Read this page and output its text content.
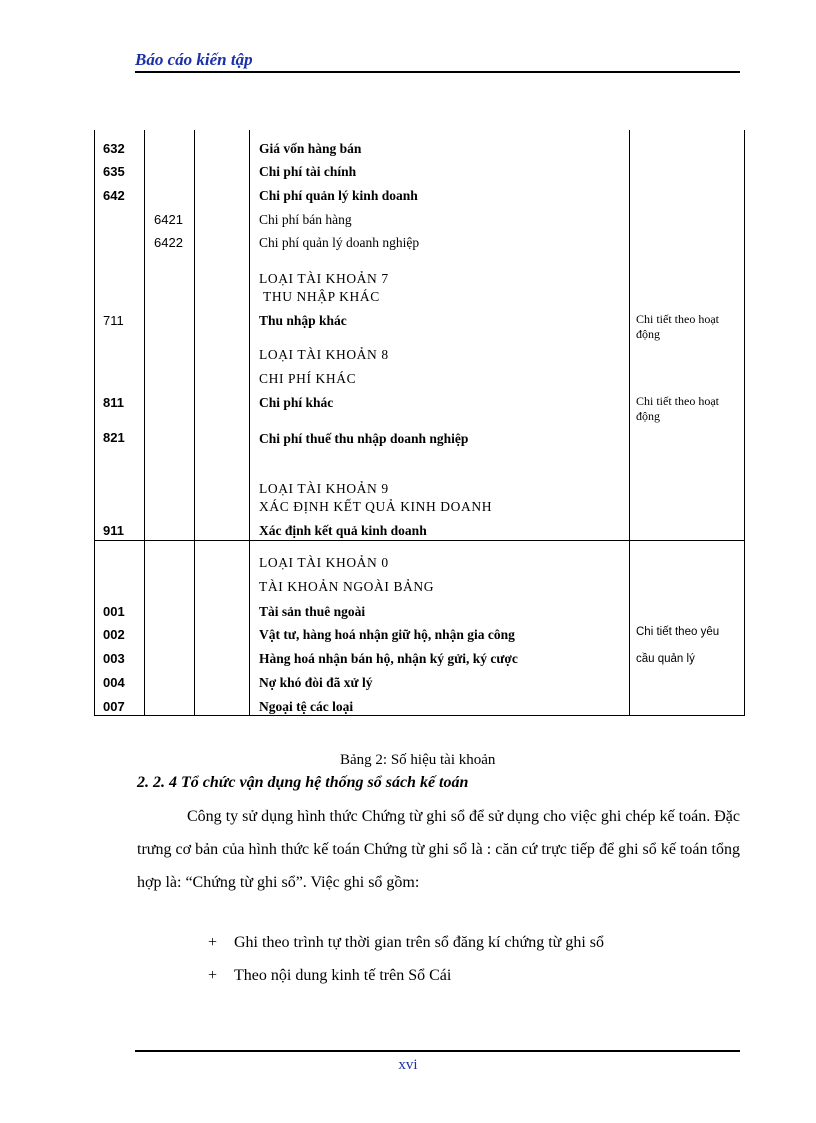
Báo cáo kiến tập
632	Giá vốn hàng bán
635	Chi phí tài chính
642	Chi phí quản lý kinh doanh
6421	Chi phí bán hàng
6422	Chi phí quản lý doanh nghiệp
LOẠI TÀI KHOẢN 7
THU NHẬP KHÁC
711	Thu nhập khác	Chi tiết theo hoạt động
LOẠI TÀI KHOẢN 8
CHI PHÍ KHÁC
811	Chi phí khác	Chi tiết theo hoạt động
821	Chi phí thuế thu nhập doanh nghiệp
LOẠI TÀI KHOẢN 9
XÁC ĐỊNH KẾT QUẢ KINH DOANH
911	Xác định kết quả kinh doanh
LOẠI TÀI KHOẢN 0
TÀI KHOẢN NGOÀI BẢNG
001	Tài sản thuê ngoài
002	Vật tư, hàng hoá nhận giữ hộ, nhận gia công	Chi tiết theo yêu
003	Hàng hoá nhận bán hộ, nhận ký gửi, ký cược	cầu quản lý
004	Nợ khó đòi đã xử lý
007	Ngoại tệ các loại
Bảng 2: Số hiệu tài khoản
2. 2. 4 Tổ chức vận dụng hệ thống sổ sách kế toán

Công ty sử dụng hình thức Chứng từ ghi sổ để sử dụng cho việc ghi chép kế toán. Đặc trưng cơ bản của hình thức kế toán Chứng từ ghi sổ là : căn cứ trực tiếp để ghi sổ kế toán tổng hợp là: “Chứng từ ghi sổ”. Việc ghi sổ gồm:

+ Ghi theo trình tự thời gian trên sổ đăng kí chứng từ ghi sổ
+ Theo nội dung kinh tế trên Sổ Cái
xvi
